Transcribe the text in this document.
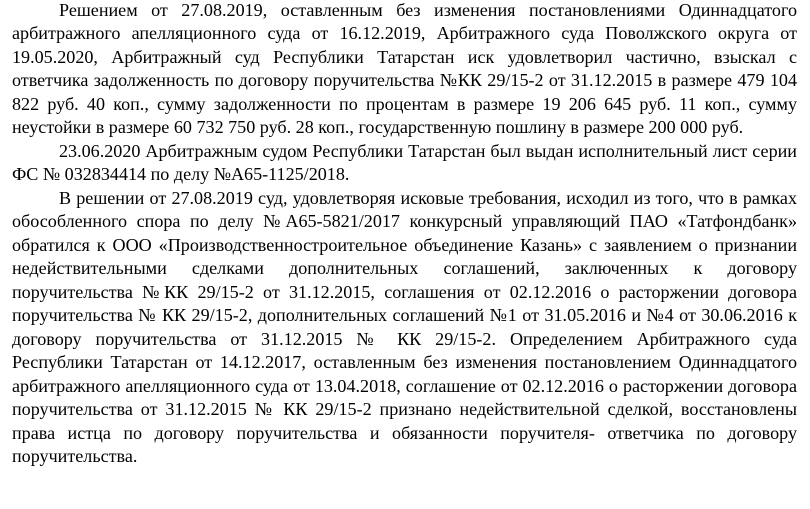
Решением от 27.08.2019, оставленным без изменения постановлениями Одиннадцатого арбитражного апелляционного суда от 16.12.2019, Арбитражного суда Поволжского округа от 19.05.2020, Арбитражный суд Республики Татарстан иск удовлетворил частично, взыскал с ответчика задолженность по договору поручительства №КК 29/15-2 от 31.12.2015 в размере 479 104 822 руб. 40 коп., сумму задолженности по процентам в размере 19 206 645 руб. 11 коп., сумму неустойки в размере 60 732 750 руб. 28 коп., государственную пошлину в размере 200 000 руб.

23.06.2020 Арбитражным судом Республики Татарстан был выдан исполнительный лист серии ФС № 032834414 по делу №А65-1125/2018.

В решении от 27.08.2019 суд, удовлетворяя исковые требования, исходил из того, что в рамках обособленного спора по делу №А65-5821/2017 конкурсный управляющий ПАО «Татфондбанк» обратился к ООО «Производственностроительное объединение Казань» с заявлением о признании недействительными сделками дополнительных соглашений, заключенных к договору поручительства №КК 29/15-2 от 31.12.2015, соглашения от 02.12.2016 о расторжении договора поручительства № КК 29/15-2, дополнительных соглашений №1 от 31.05.2016 и №4 от 30.06.2016 к договору поручительства от 31.12.2015 № КК 29/15-2. Определением Арбитражного суда Республики Татарстан от 14.12.2017, оставленным без изменения постановлением Одиннадцатого арбитражного апелляционного суда от 13.04.2018, соглашение от 02.12.2016 о расторжении договора поручительства от 31.12.2015 № КК 29/15-2 признано недействительной сделкой, восстановлены права истца по договору поручительства и обязанности поручителя- ответчика по договору поручительства.
